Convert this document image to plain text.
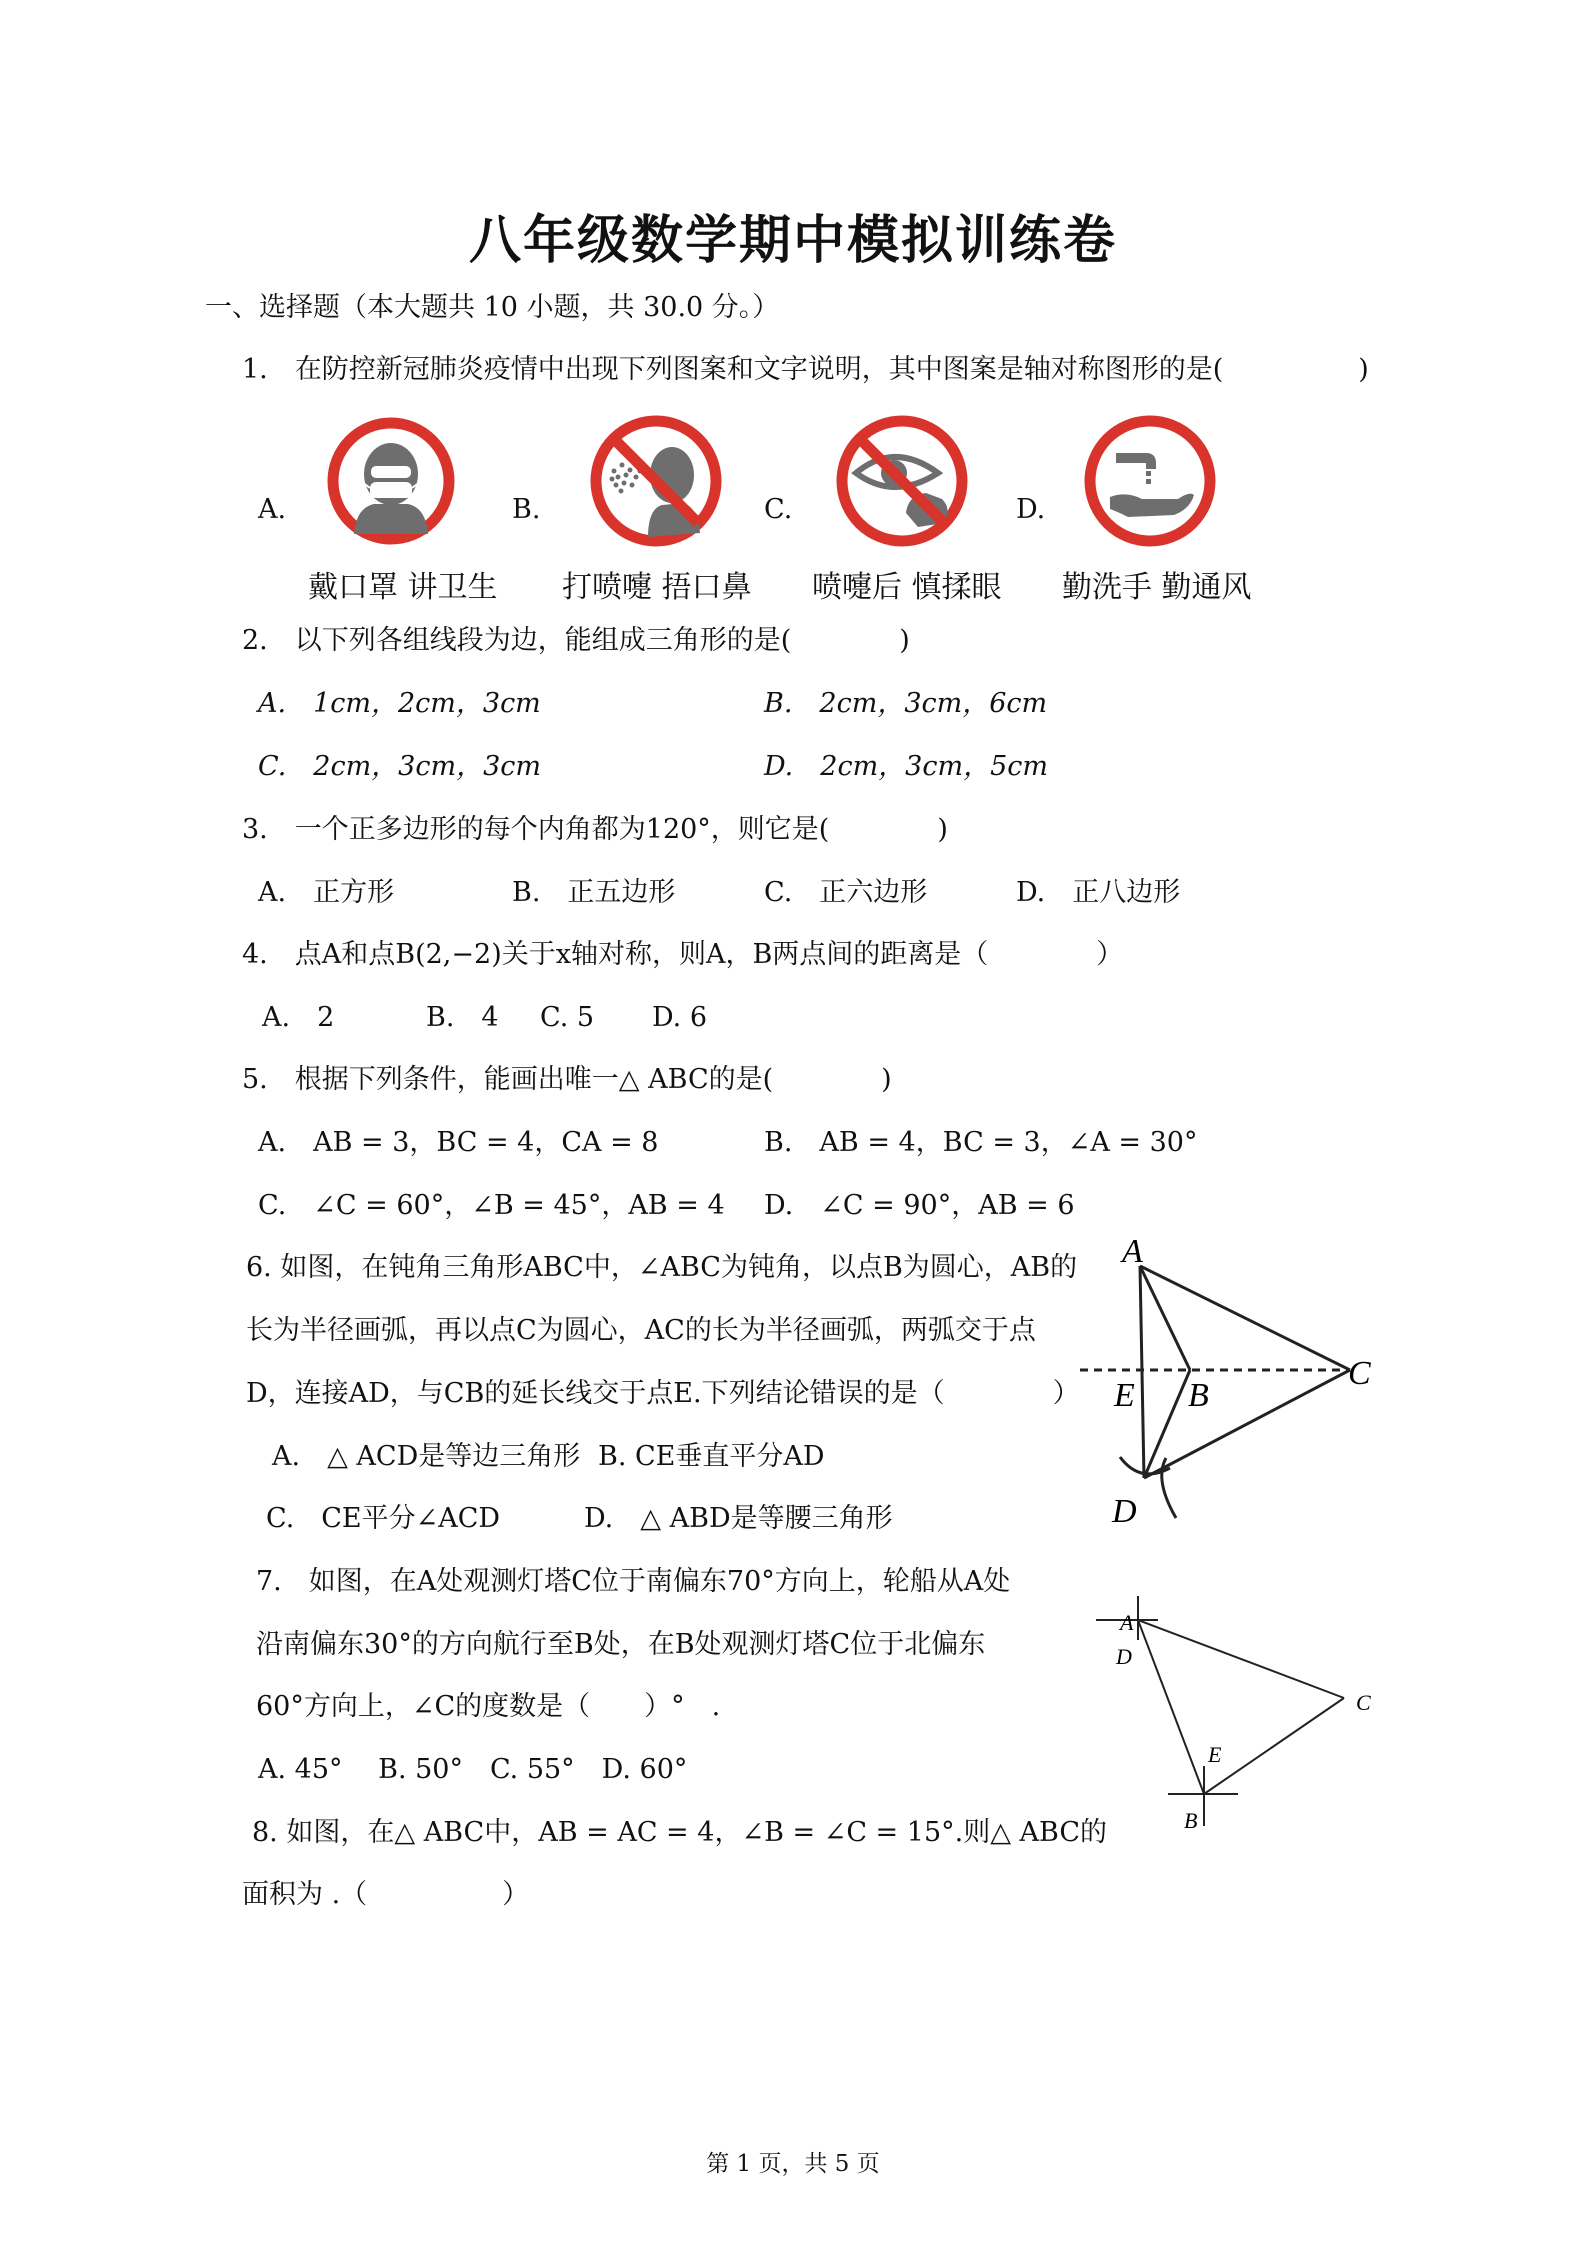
八年级数学期中模拟训练卷
一、选择题（本大题共 10 小题，共 30.0 分。）
1.　在防控新冠肺炎疫情中出现下列图案和文字说明，其中图案是轴对称图形的是(　　　　　)
A.
戴口罩 讲卫生
B.
打喷嚏 捂口鼻
C.
喷嚏后 慎揉眼
D.
勤洗手 勤通风
2.　以下列各组线段为边，能组成三角形的是(　　　　)
A.　1cm，2cm，3cm	B.　2cm，3cm，6cm
C.　2cm，3cm，3cm	D.　2cm，3cm，5cm
3.　一个正多边形的每个内角都为120°，则它是(　　　　)
A.　正方形	B.　正五边形	C.　正六边形	D.　正八边形
4.　点A和点B(2,−2)关于x轴对称，则A，B两点间的距离是（　　　　）
A.　2	B.　4 C. 5 D. 6
5.　根据下列条件，能画出唯一△ ABC的是(　　　　)
A.　AB = 3，BC = 4，CA = 8	B.　AB = 4，BC = 3，∠A = 30°
C.　∠C = 60°，∠B = 45°，AB = 4 D.　∠C = 90°，AB = 6
6. 如图，在钝角三角形ABC中，∠ABC为钝角，以点B为圆心，AB的
长为半径画弧，再以点C为圆心，AC的长为半径画弧，两弧交于点
D，连接AD，与CB的延长线交于点E.下列结论错误的是（　　　　）
A.　△ ACD是等边三角形 B. CE垂直平分AD
C.　CE平分∠ACD	D.　△ ABD是等腰三角形
A
E B
C
D
7.　如图，在A处观测灯塔C位于南偏东70°方向上，轮船从A处
沿南偏东30°的方向航行至B处，在B处观测灯塔C位于北偏东
60°方向上，∠C的度数是（　　）°　.
A. 45°　 B. 50°　C. 55°　D. 60°
A
D
C
E
B
8. 如图，在△ ABC中，AB = AC = 4，∠B = ∠C = 15°.则△ ABC的
面积为 .（　　　　　）
第 1 页，共 5 页
